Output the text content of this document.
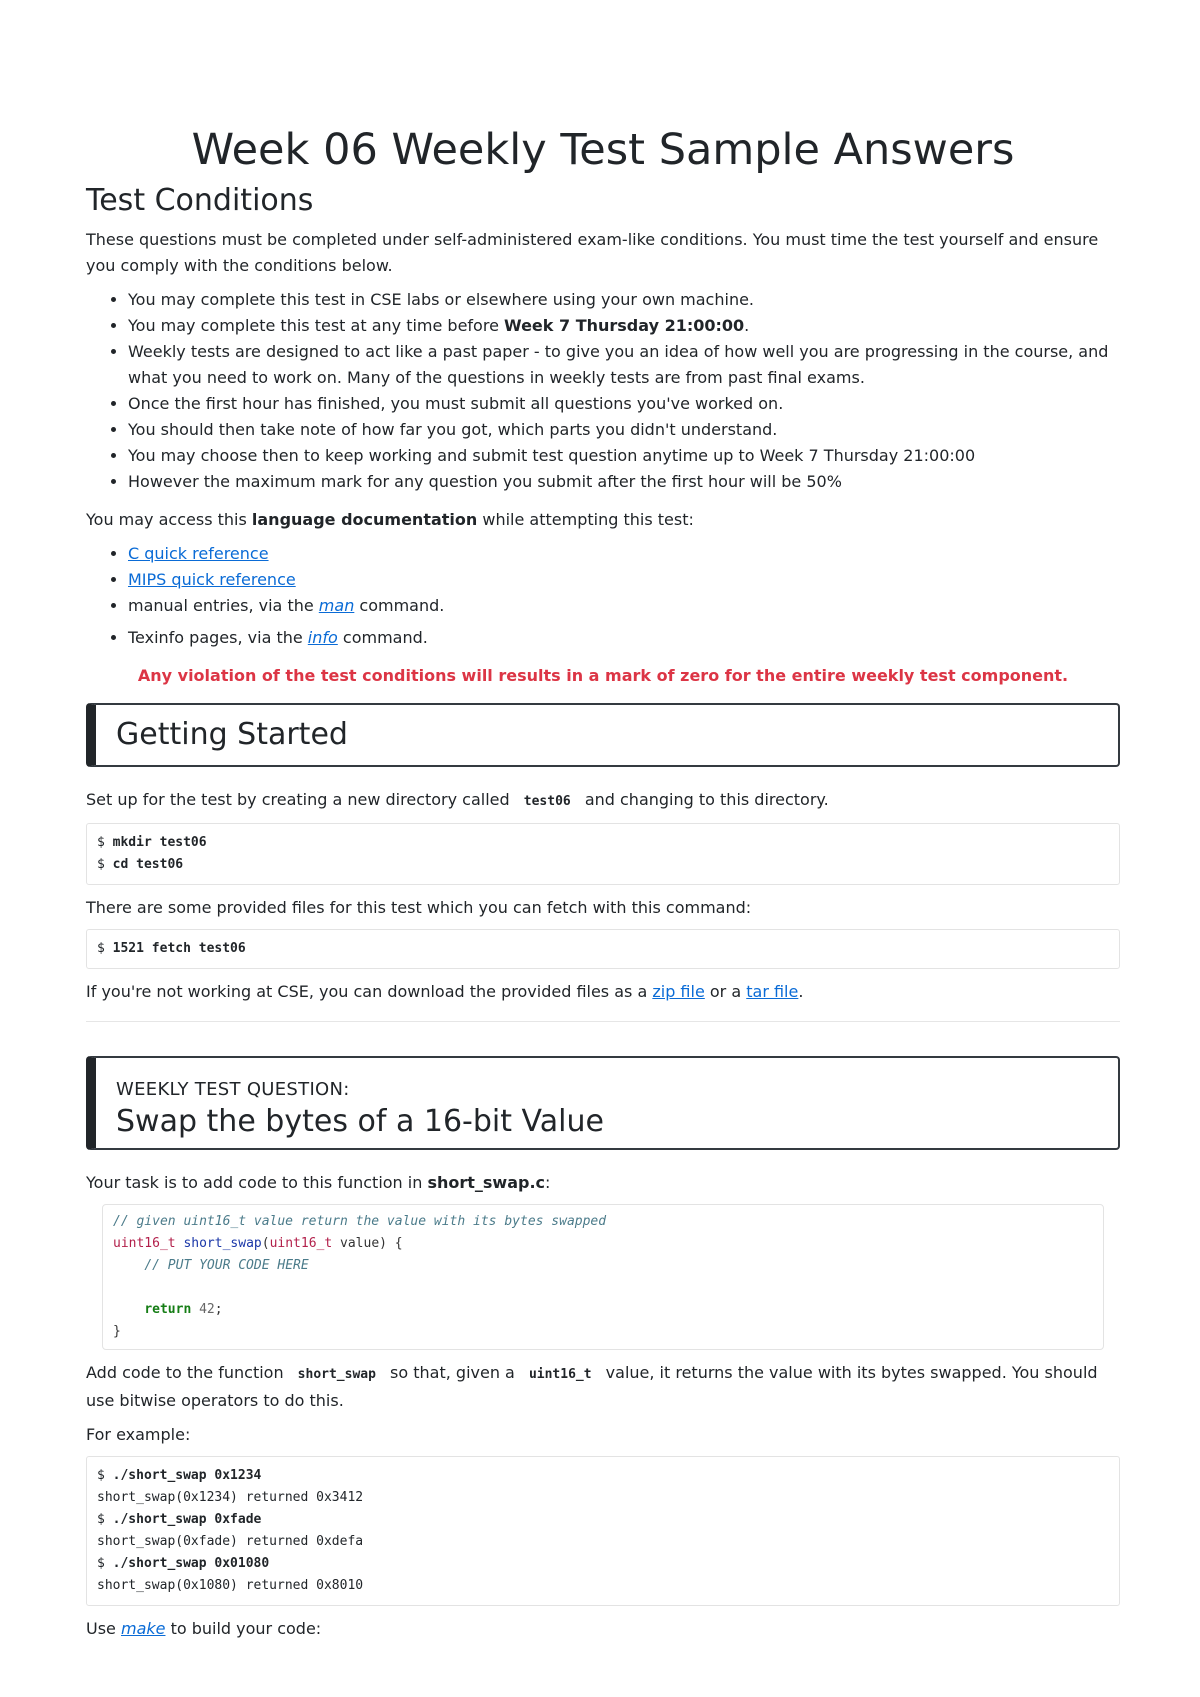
Week 06 Weekly Test Sample Answers
Test Conditions

These questions must be completed under self-administered exam-like conditions. You must time the test yourself and ensure you comply with the conditions below.

• You may complete this test in CSE labs or elsewhere using your own machine.
• You may complete this test at any time before Week 7 Thursday 21:00:00.
• Weekly tests are designed to act like a past paper - to give you an idea of how well you are progressing in the course, and what you need to work on. Many of the questions in weekly tests are from past final exams.
• Once the first hour has finished, you must submit all questions you've worked on.
• You should then take note of how far you got, which parts you didn't understand.
• You may choose then to keep working and submit test question anytime up to Week 7 Thursday 21:00:00
• However the maximum mark for any question you submit after the first hour will be 50%

You may access this language documentation while attempting this test:

• C quick reference
• MIPS quick reference
• manual entries, via the man command.
• Texinfo pages, via the info command.

Any violation of the test conditions will results in a mark of zero for the entire weekly test component.

Getting Started

Set up for the test by creating a new directory called test06 and changing to this directory.

$ mkdir test06
$ cd test06

There are some provided files for this test which you can fetch with this command:

$ 1521 fetch test06

If you're not working at CSE, you can download the provided files as a zip file or a tar file.

WEEKLY TEST QUESTION:
Swap the bytes of a 16-bit Value

Your task is to add code to this function in short_swap.c:

// given uint16_t value return the value with its bytes swapped
uint16_t short_swap(uint16_t value) {
// PUT YOUR CODE HERE

return 42;
}

Add code to the function short_swap so that, given a uint16_t value, it returns the value with its bytes swapped. You should use bitwise operators to do this.

For example:

$ ./short_swap 0x1234
short_swap(0x1234) returned 0x3412
$ ./short_swap 0xfade
short_swap(0xfade) returned 0xdefa
$ ./short_swap 0x01080
short_swap(0x1080) returned 0x8010

Use make to build your code:
